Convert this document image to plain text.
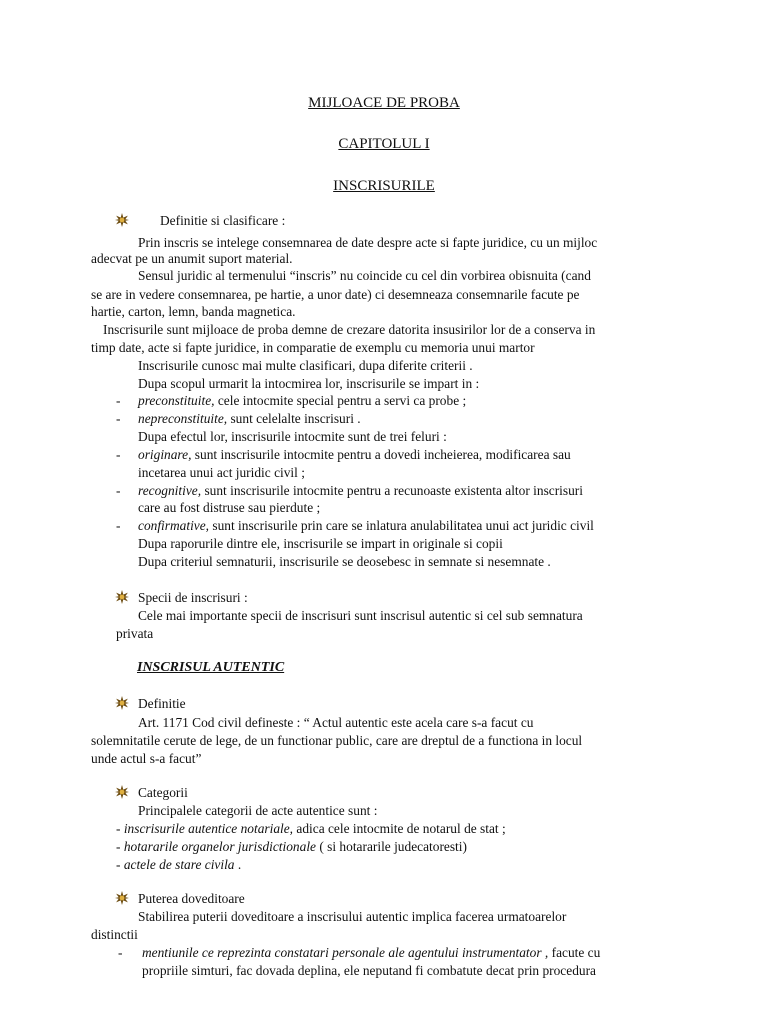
MIJLOACE DE PROBA
CAPITOLUL I
INSCRISURILE
Definitie si clasificare :
Prin inscris se intelege consemnarea de date despre acte si fapte juridice, cu un mijloc
adecvat pe un anumit suport material.
Sensul juridic al termenului “inscris” nu coincide cu cel din vorbirea obisnuita (cand
se are in vedere consemnarea, pe hartie, a unor date) ci desemneaza consemnarile facute pe
hartie, carton, lemn, banda magnetica.
Inscrisurile sunt mijloace de proba demne de crezare datorita insusirilor lor de a conserva in
timp date, acte si fapte juridice, in comparatie de exemplu cu memoria unui martor
Inscrisurile cunosc mai multe clasificari, dupa diferite criterii .
Dupa scopul urmarit la intocmirea lor, inscrisurile se impart in :
- preconstituite, cele intocmite special pentru a servi ca probe ;
- nepreconstituite, sunt celelalte inscrisuri .
Dupa efectul lor, inscrisurile intocmite sunt de trei feluri :
- originare, sunt inscrisurile intocmite pentru a dovedi incheierea, modificarea sau
incetarea unui act juridic civil ;
- recognitive, sunt inscrisurile intocmite pentru a recunoaste existenta altor inscrisuri
care au fost distruse sau pierdute ;
- confirmative, sunt inscrisurile prin care se inlatura anulabilitatea unui act juridic civil
Dupa raporurile dintre ele, inscrisurile se impart in originale si copii
Dupa criteriul semnaturii, inscrisurile se deosebesc in semnate si nesemnate .
Specii de inscrisuri :
Cele mai importante specii de inscrisuri sunt inscrisul autentic si cel sub semnatura
privata
INSCRISUL AUTENTIC
Definitie
Art. 1171 Cod civil defineste : “ Actul autentic este acela care s-a facut cu
solemnitatile cerute de lege, de un functionar public, care are dreptul de a functiona in locul
unde actul s-a facut”
Categorii
Principalele categorii de acte autentice sunt :
- inscrisurile autentice notariale, adica cele intocmite de notarul de stat ;
- hotararile organelor jurisdictionale ( si hotararile judecatoresti)
- actele de stare civila .
Puterea doveditoare
Stabilirea puterii doveditoare a inscrisului autentic implica facerea urmatoarelor
distinctii
- mentiunile ce reprezinta constatari personale ale agentului instrumentator , facute cu
propriile simturi, fac dovada deplina, ele neputand fi combatute decat prin procedura
